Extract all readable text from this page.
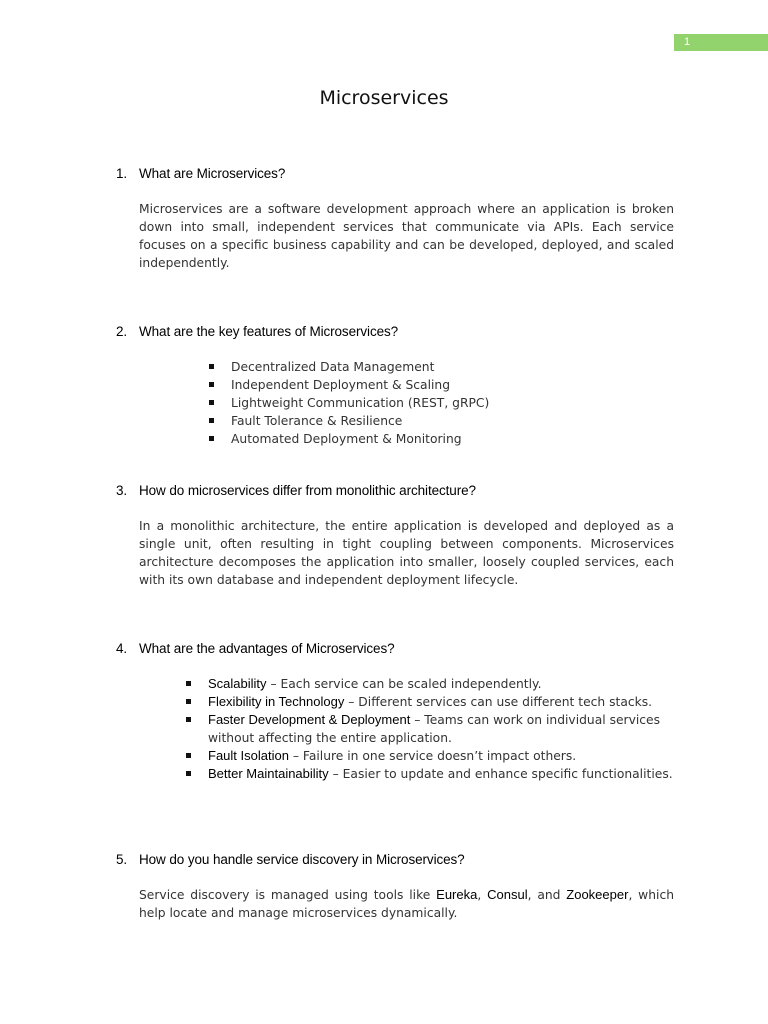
1
Microservices
1. What are Microservices?

Microservices are a software development approach where an application is broken down into small, independent services that communicate via APIs. Each service focuses on a specific business capability and can be developed, deployed, and scaled independently.

2. What are the key features of Microservices?
Decentralized Data Management
Independent Deployment & Scaling
Lightweight Communication (REST, gRPC)
Fault Tolerance & Resilience
Automated Deployment & Monitoring
3. How do microservices differ from monolithic architecture?

In a monolithic architecture, the entire application is developed and deployed as a single unit, often resulting in tight coupling between components. Microservices architecture decomposes the application into smaller, loosely coupled services, each with its own database and independent deployment lifecycle.

4. What are the advantages of Microservices?
Scalability – Each service can be scaled independently.
Flexibility in Technology – Different services can use different tech stacks.
Faster Development & Deployment – Teams can work on individual services without affecting the entire application.
Fault Isolation – Failure in one service doesn’t impact others.
Better Maintainability – Easier to update and enhance specific functionalities.
5. How do you handle service discovery in Microservices?

Service discovery is managed using tools like Eureka, Consul, and Zookeeper, which help locate and manage microservices dynamically.
